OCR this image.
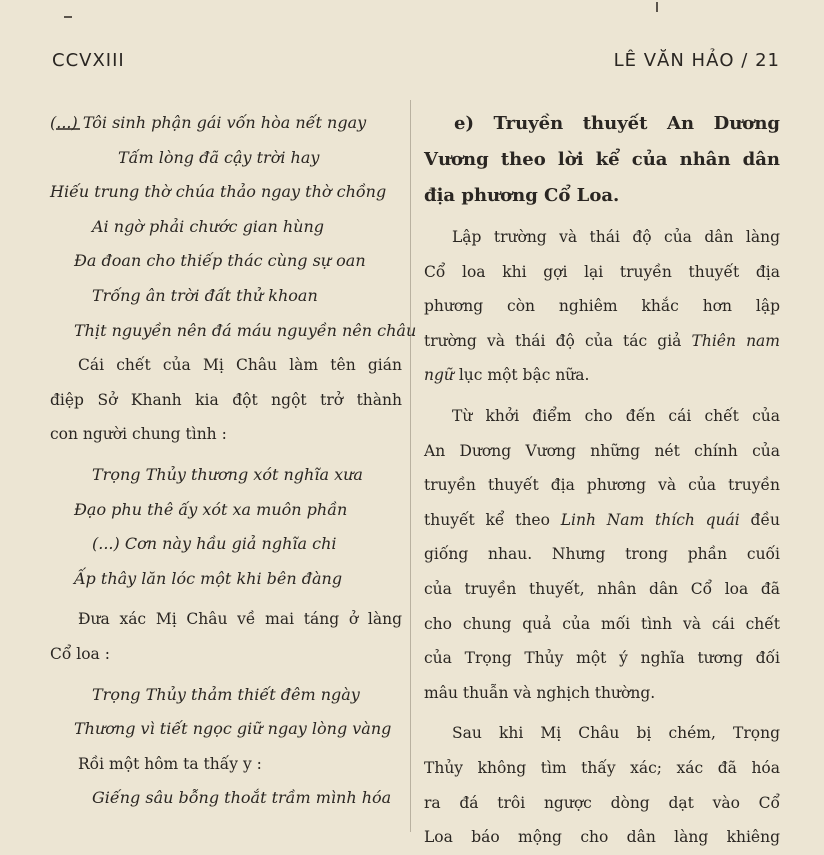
CCVXIII	LÊ VĂN HẢO / 21
(...) Tôi sinh phận gái vốn hòa nết ngay
Tấm lòng đã cậy trời hay
Hiếu trung thờ chúa thảo ngay thờ chồng
Ai ngờ phải chước gian hùng
Đa đoan cho thiếp thác cùng sự oan
Trống ân trời đất thử khoan
Thịt nguyền nên đá máu nguyền nên châu
Cái chết của Mị Châu làm tên gián
điệp Sở Khanh kia đột ngột trở thành
con người chung tình :
Trọng Thủy thương xót nghĩa xưa
Đạo phu thê ấy xót xa muôn phần
(...) Cơn này hầu giả nghĩa chi
Ấp thây lăn lóc một khi bên đàng
Đưa xác Mị Châu về mai táng ở làng
Cổ loa :
Trọng Thủy thảm thiết đêm ngày
Thương vì tiết ngọc giữ ngay lòng vàng
Rồi một hôm ta thấy y :
Giếng sâu bỗng thoắt trầm mình hóa
e) Truyền thuyết An Dương
Vương theo lời kể của nhân dân
địa phương Cổ Loa.
Lập trường và thái độ của dân làng
Cổ loa khi gợi lại truyền thuyết địa
phương còn nghiêm khắc hơn lập
trường và thái độ của tác giả Thiên nam
ngữ lục một bậc nữa.
Từ khởi điểm cho đến cái chết của
An Dương Vương những nét chính của
truyền thuyết địa phương và của truyền
thuyết kể theo Linh Nam thích quái đều
giống nhau. Nhưng trong phần cuối
của truyền thuyết, nhân dân Cổ loa đã
cho chung quả của mối tình và cái chết
của Trọng Thủy một ý nghĩa tương đối
mâu thuẫn và nghịch thường.
Sau khi Mị Châu bị chém, Trọng
Thủy không tìm thấy xác; xác đã hóa
ra đá trôi ngược dòng dạt vào Cổ
Loa báo mộng cho dân làng khiêng
